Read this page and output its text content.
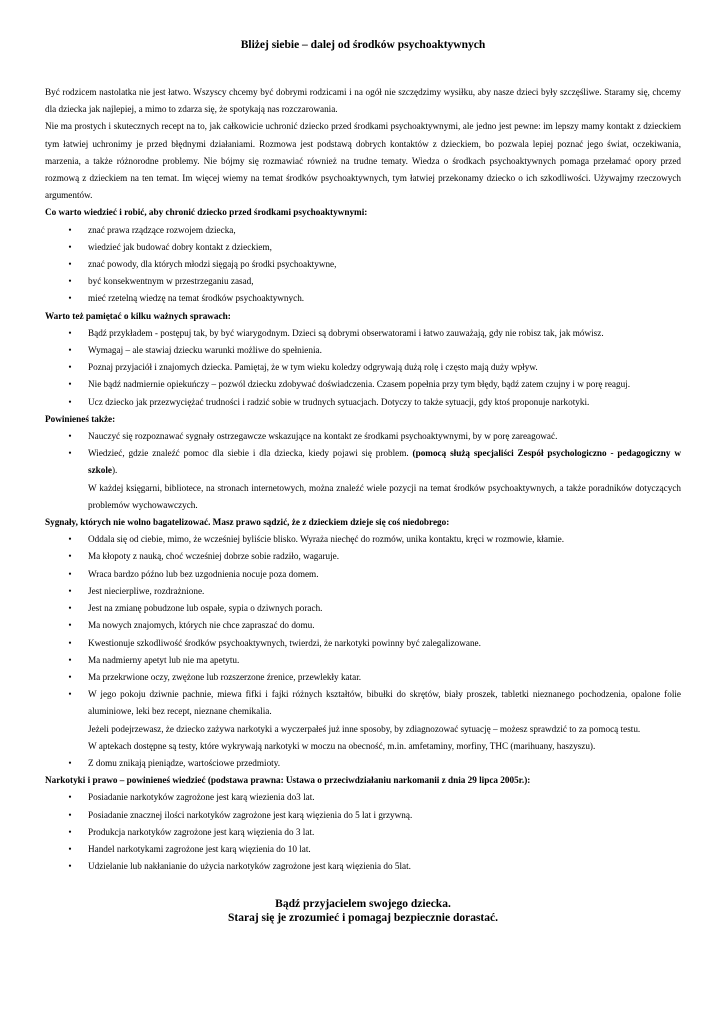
Bliżej siebie – dalej od środków psychoaktywnych

Być rodzicem nastolatka nie jest łatwo. Wszyscy chcemy być dobrymi rodzicami i na ogół nie szczędzimy wysiłku, aby nasze dzieci były szczęśliwe. Staramy się, chcemy dla dziecka jak najlepiej, a mimo to zdarza się, że spotykają nas rozczarowania.

Nie ma prostych i skutecznych recept na to, jak całkowicie uchronić dziecko przed środkami psychoaktywnymi, ale jedno jest pewne: im lepszy mamy kontakt z dzieckiem tym łatwiej uchronimy je przed błędnymi działaniami. Rozmowa jest podstawą dobrych kontaktów z dzieckiem, bo pozwala lepiej poznać jego świat, oczekiwania, marzenia, a także różnorodne problemy. Nie bójmy się rozmawiać również na trudne tematy. Wiedza o środkach psychoaktywnych pomaga przełamać opory przed rozmową z dzieckiem na ten temat. Im więcej wiemy na temat środków psychoaktywnych, tym łatwiej przekonamy dziecko o ich szkodliwości. Używajmy rzeczowych argumentów.

Co warto wiedzieć i robić, aby chronić dziecko przed środkami psychoaktywnymi:

•	znać prawa rządzące rozwojem dziecka,
•	wiedzieć jak budować dobry kontakt z dzieckiem,
•	znać powody, dla których młodzi sięgają po środki psychoaktywne,
•	być konsekwentnym w przestrzeganiu zasad,
•	mieć rzetelną wiedzę na temat środków psychoaktywnych.

Warto też pamiętać o kilku ważnych sprawach:

•	Bądź przykładem - postępuj tak, by być wiarygodnym. Dzieci są dobrymi obserwatorami i łatwo zauważają, gdy nie robisz tak, jak mówisz.
•	Wymagaj – ale stawiaj dziecku warunki możliwe do spełnienia.
•	Poznaj przyjaciół i znajomych dziecka. Pamiętaj, że w tym wieku koledzy odgrywają dużą rolę i często mają duży wpływ.
•	Nie bądź nadmiernie opiekuńczy – pozwól dziecku zdobywać doświadczenia. Czasem popełnia przy tym błędy, bądź zatem czujny i w porę reaguj.
•	Ucz dziecko jak przezwyciężać trudności i radzić sobie w trudnych sytuacjach. Dotyczy to także sytuacji, gdy ktoś proponuje narkotyki.

Powinieneś także:

•	Nauczyć się rozpoznawać sygnały ostrzegawcze wskazujące na kontakt ze środkami psychoaktywnymi, by w porę zareagować.
•	Wiedzieć, gdzie znaleźć pomoc dla siebie i dla dziecka, kiedy pojawi się problem. (pomocą służą specjaliści Zespół psychologiczno - pedagogiczny w szkole).
W każdej księgarni, bibliotece, na stronach internetowych, można znaleźć wiele pozycji na temat środków psychoaktywnych, a także poradników dotyczących problemów wychowawczych.

Sygnały, których nie wolno bagatelizować. Masz prawo sądzić, że z dzieckiem dzieje się coś niedobrego:

•	Oddala się od ciebie, mimo, że wcześniej byliście blisko. Wyraża niechęć do rozmów, unika kontaktu, kręci w rozmowie, kłamie.
•	Ma kłopoty z nauką, choć wcześniej dobrze sobie radziło, wagaruje.
•	Wraca bardzo późno lub bez uzgodnienia nocuje poza domem.
•	Jest niecierpliwe, rozdrażnione.
•	Jest na zmianę pobudzone lub ospałe, sypia o dziwnych porach.
•	Ma nowych znajomych, których nie chce zapraszać do domu.
•	Kwestionuje szkodliwość środków psychoaktywnych, twierdzi, że narkotyki powinny być zalegalizowane.
•	Ma nadmierny apetyt lub nie ma apetytu.
•	Ma przekrwione oczy, zwężone lub rozszerzone źrenice, przewlekły katar.
•	W jego pokoju dziwnie pachnie, miewa fifki i fajki różnych kształtów, bibułki do skrętów, biały proszek, tabletki nieznanego pochodzenia, opalone folie aluminiowe, leki bez recept, nieznane chemikalia.
Jeżeli podejrzewasz, że dziecko zażywa narkotyki a wyczerpałeś już inne sposoby, by zdiagnozować sytuację – możesz sprawdzić to za pomocą testu.
W aptekach dostępne są testy, które wykrywają narkotyki w moczu na obecność, m.in. amfetaminy, morfiny, THC (marihuany, haszyszu).
•	Z domu znikają pieniądze, wartościowe przedmioty.

Narkotyki i prawo – powinieneś wiedzieć (podstawa prawna: Ustawa o przeciwdziałaniu narkomanii z dnia 29 lipca 2005r.):

•	Posiadanie narkotyków zagrożone jest karą wiezienia do3 lat.
•	Posiadanie znacznej ilości narkotyków zagrożone jest karą więzienia do 5 lat i grzywną.
•	Produkcja narkotyków zagrożone jest karą więzienia do 3 lat.
•	Handel narkotykami zagrożone jest karą więzienia do 10 lat.
•	Udzielanie lub nakłanianie do użycia narkotyków zagrożone jest karą więzienia do 5lat.
Bądź przyjacielem swojego dziecka.
Staraj się je zrozumieć i pomagaj bezpiecznie dorastać.
